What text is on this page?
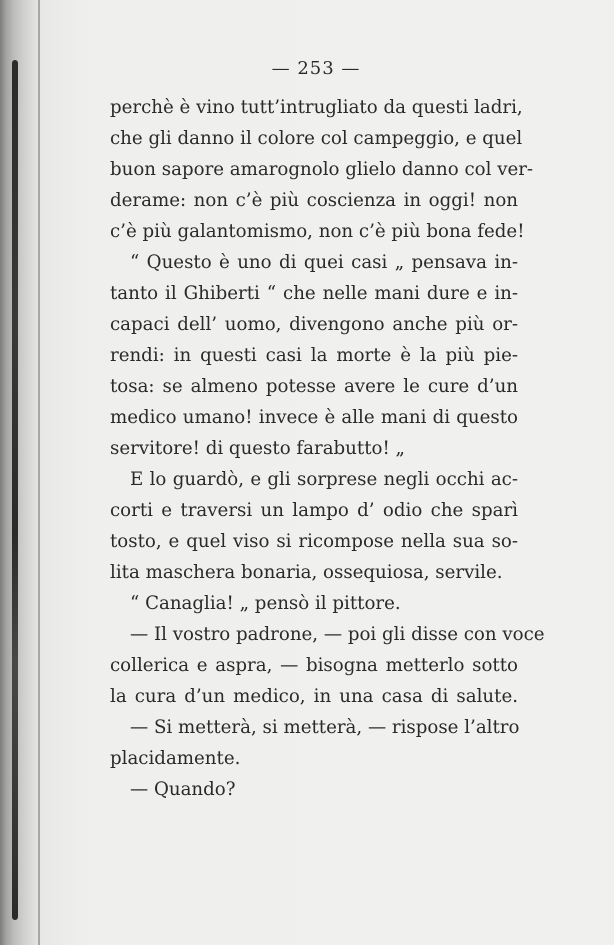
— 253 —
perchè è vino tutt’intrugliato da questi ladri,
che gli danno il colore col campeggio, e quel
buon sapore amarognolo glielo danno col ver-
derame: non c’è più coscienza in oggi! non
c’è più galantomismo, non c’è più bona fede!
“ Questo è uno di quei casi „ pensava in-
tanto il Ghiberti “ che nelle mani dure e in-
capaci dell’ uomo, divengono anche più or-
rendi: in questi casi la morte è la più pie-
tosa: se almeno potesse avere le cure d’un
medico umano! invece è alle mani di questo
servitore! di questo farabutto! „
E lo guardò, e gli sorprese negli occhi ac-
corti e traversi un lampo d’ odio che sparì
tosto, e quel viso si ricompose nella sua so-
lita maschera bonaria, ossequiosa, servile.
“ Canaglia! „ pensò il pittore.
— Il vostro padrone, — poi gli disse con voce
collerica e aspra, — bisogna metterlo sotto
la cura d’un medico, in una casa di salute.
— Si metterà, si metterà, — rispose l’altro
placidamente.
— Quando?
